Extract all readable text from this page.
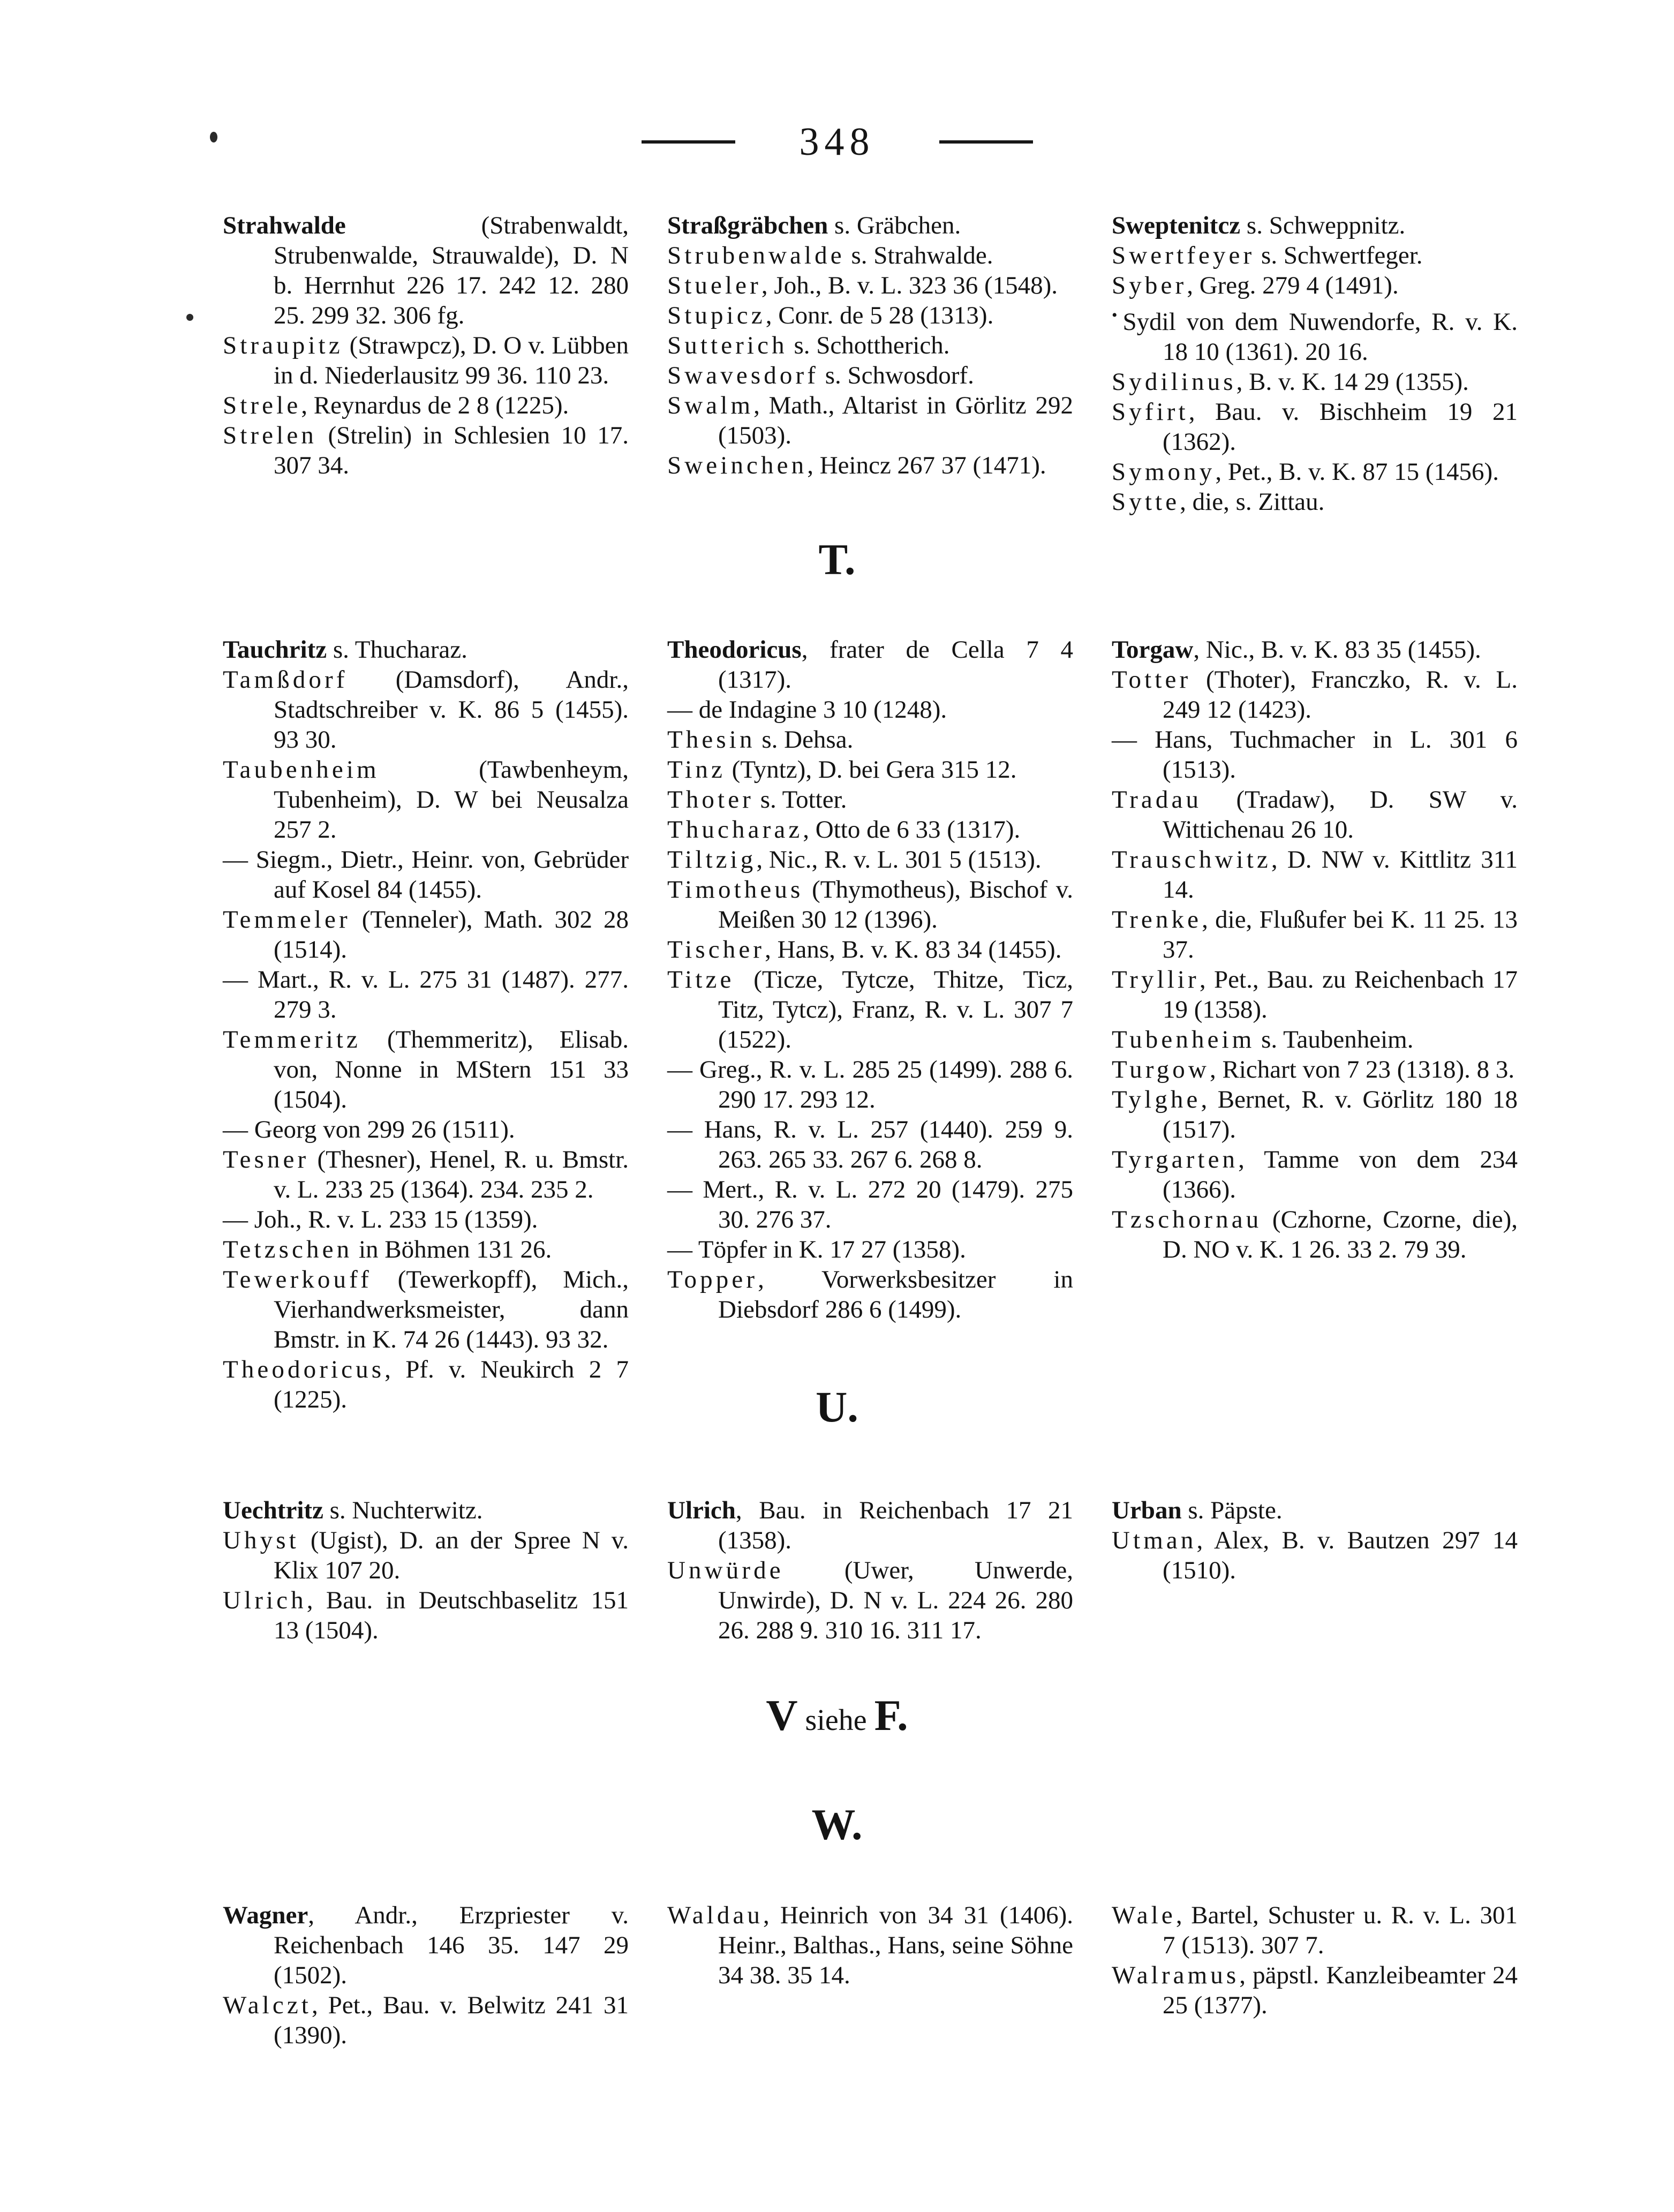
348
Strahwalde (Strabenwaldt, Strubenwalde, Strauwalde), D. N b. Herrnhut 226 17. 242 12. 280 25. 299 32. 306 fg.
Straupitz (Strawpcz), D. O v. Lübben in d. Niederlausitz 99 36. 110 23.
Strele, Reynardus de 2 8 (1225).
Strelen (Strelin) in Schlesien 10 17. 307 34.
Straßgräbchen s. Gräbchen.
Strubenwalde s. Strahwalde.
Stueler, Joh., B. v. L. 323 36 (1548).
Stupicz, Conr. de 5 28 (1313).
Sutterich s. Schottherich.
Swavesdorf s. Schwosdorf.
Swalm, Math., Altarist in Görlitz 292 (1503).
Sweinchen, Heincz 267 37 (1471).
Sweptenitcz s. Schweppnitz.
Swertfeyer s. Schwertfeger.
Syber, Greg. 279 4 (1491).
• Sydil von dem Nuwendorfe, R. v. K. 18 10 (1361). 20 16.
Sydilinus, B. v. K. 14 29 (1355).
Syfirt, Bau. v. Bischheim 19 21 (1362).
Symony, Pet., B. v. K. 87 15 (1456).
Sytte, die, s. Zittau.
Tauchritz s. Thucharaz.
Tamßdorf (Damsdorf), Andr., Stadtschreiber v. K. 86 5 (1455). 93 30.
Taubenheim (Tawbenheym, Tubenheim), D. W bei Neusalza 257 2.
— Siegm., Dietr., Heinr. von, Gebrüder auf Kosel 84 (1455).
Temmeler (Tenneler), Math. 302 28 (1514).
— Mart., R. v. L. 275 31 (1487). 277. 279 3.
Temmeritz (Themmeritz), Elisab. von, Nonne in MStern 151 33 (1504).
— Georg von 299 26 (1511).
Tesner (Thesner), Henel, R. u. Bmstr. v. L. 233 25 (1364). 234. 235 2.
— Joh., R. v. L. 233 15 (1359).
Tetzschen in Böhmen 131 26.
Tewerkouff (Tewerkopff), Mich., Vierhandwerksmeister, dann Bmstr. in K. 74 26 (1443). 93 32.
Theodoricus, Pf. v. Neukirch 2 7 (1225).
Theodoricus, frater de Cella 7 4 (1317).
— de Indagine 3 10 (1248).
Thesin s. Dehsa.
Tinz (Tyntz), D. bei Gera 315 12.
Thoter s. Totter.
Thucharaz, Otto de 6 33 (1317).
Tiltzig, Nic., R. v. L. 301 5 (1513).
Timotheus (Thymotheus), Bischof v. Meißen 30 12 (1396).
Tischer, Hans, B. v. K. 83 34 (1455).
Titze (Ticze, Tytcze, Thitze, Ticz, Titz, Tytcz), Franz, R. v. L. 307 7 (1522).
— Greg., R. v. L. 285 25 (1499). 288 6. 290 17. 293 12.
— Hans, R. v. L. 257 (1440). 259 9. 263. 265 33. 267 6. 268 8.
— Mert., R. v. L. 272 20 (1479). 275 30. 276 37.
— Töpfer in K. 17 27 (1358).
Topper, Vorwerksbesitzer in Diebsdorf 286 6 (1499).
Torgaw, Nic., B. v. K. 83 35 (1455).
Totter (Thoter), Franczko, R. v. L. 249 12 (1423).
— Hans, Tuchmacher in L. 301 6 (1513).
Tradau (Tradaw), D. SW v. Wittichenau 26 10.
Trauschwitz, D. NW v. Kittlitz 311 14.
Trenke, die, Flußufer bei K. 11 25. 13 37.
Tryllir, Pet., Bau. zu Reichenbach 17 19 (1358).
Tubenheim s. Taubenheim.
Turgow, Richart von 7 23 (1318). 8 3.
Tylghe, Bernet, R. v. Görlitz 180 18 (1517).
Tyrgarten, Tamme von dem 234 (1366).
Tzschornau (Czhorne, Czorne, die), D. NO v. K. 1 26. 33 2. 79 39.
Uechtritz s. Nuchterwitz.
Uhyst (Ugist), D. an der Spree N v. Klix 107 20.
Ulrich, Bau. in Deutschbaselitz 151 13 (1504).
Ulrich, Bau. in Reichenbach 17 21 (1358).
Unwürde (Uwer, Unwerde, Unwirde), D. N v. L. 224 26. 280 26. 288 9. 310 16. 311 17.
Urban s. Päpste.
Utman, Alex, B. v. Bautzen 297 14 (1510).
Wagner, Andr., Erzpriester v. Reichenbach 146 35. 147 29 (1502).
Walczt, Pet., Bau. v. Belwitz 241 31 (1390).
Waldau, Heinrich von 34 31 (1406). Heinr., Balthas., Hans, seine Söhne 34 38. 35 14.
Wale, Bartel, Schuster u. R. v. L. 301 7 (1513). 307 7.
Walramus, päpstl. Kanzleibeamter 24 25 (1377).
T.
U.
V siehe F.
W.
